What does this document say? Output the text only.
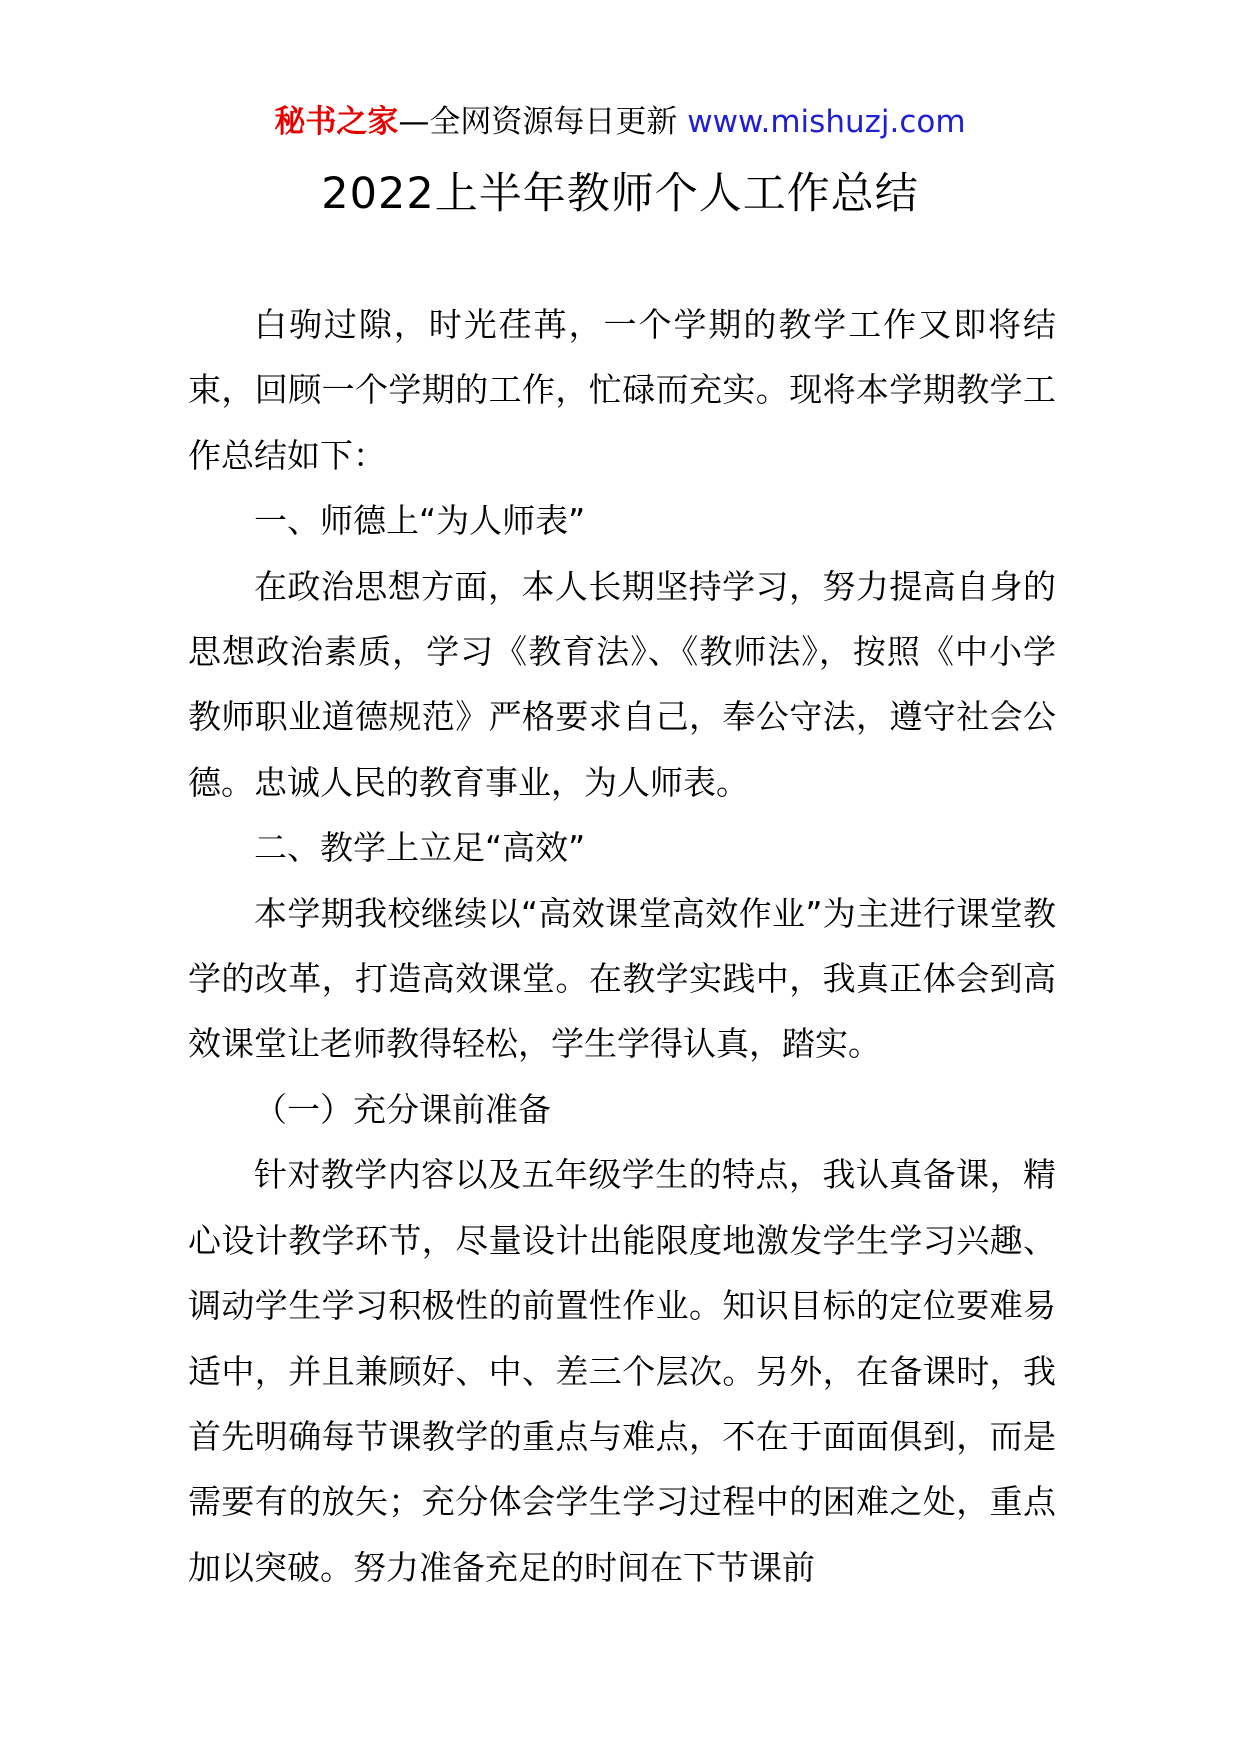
秘书之家—全网资源每日更新 www.mishuzj.com
2022上半年教师个人工作总结

白驹过隙，时光荏苒，一个学期的教学工作又即将结束，回顾一个学期的工作，忙碌而充实。现将本学期教学工作总结如下：

一、师德上“为人师表”

在政治思想方面，本人长期坚持学习，努力提高自身的思想政治素质，学习《教育法》、《教师法》，按照《中小学教师职业道德规范》严格要求自己，奉公守法，遵守社会公德。忠诚人民的教育事业，为人师表。

二、教学上立足“高效”

本学期我校继续以“高效课堂高效作业”为主进行课堂教学的改革，打造高效课堂。在教学实践中，我真正体会到高效课堂让老师教得轻松，学生学得认真，踏实。

（一）充分课前准备

针对教学内容以及五年级学生的特点，我认真备课，精心设计教学环节，尽量设计出能限度地激发学生学习兴趣、调动学生学习积极性的前置性作业。知识目标的定位要难易适中，并且兼顾好、中、差三个层次。另外，在备课时，我首先明确每节课教学的重点与难点，不在于面面俱到，而是需要有的放矢；充分体会学生学习过程中的困难之处，重点加以突破。努力准备充足的时间在下节课前
